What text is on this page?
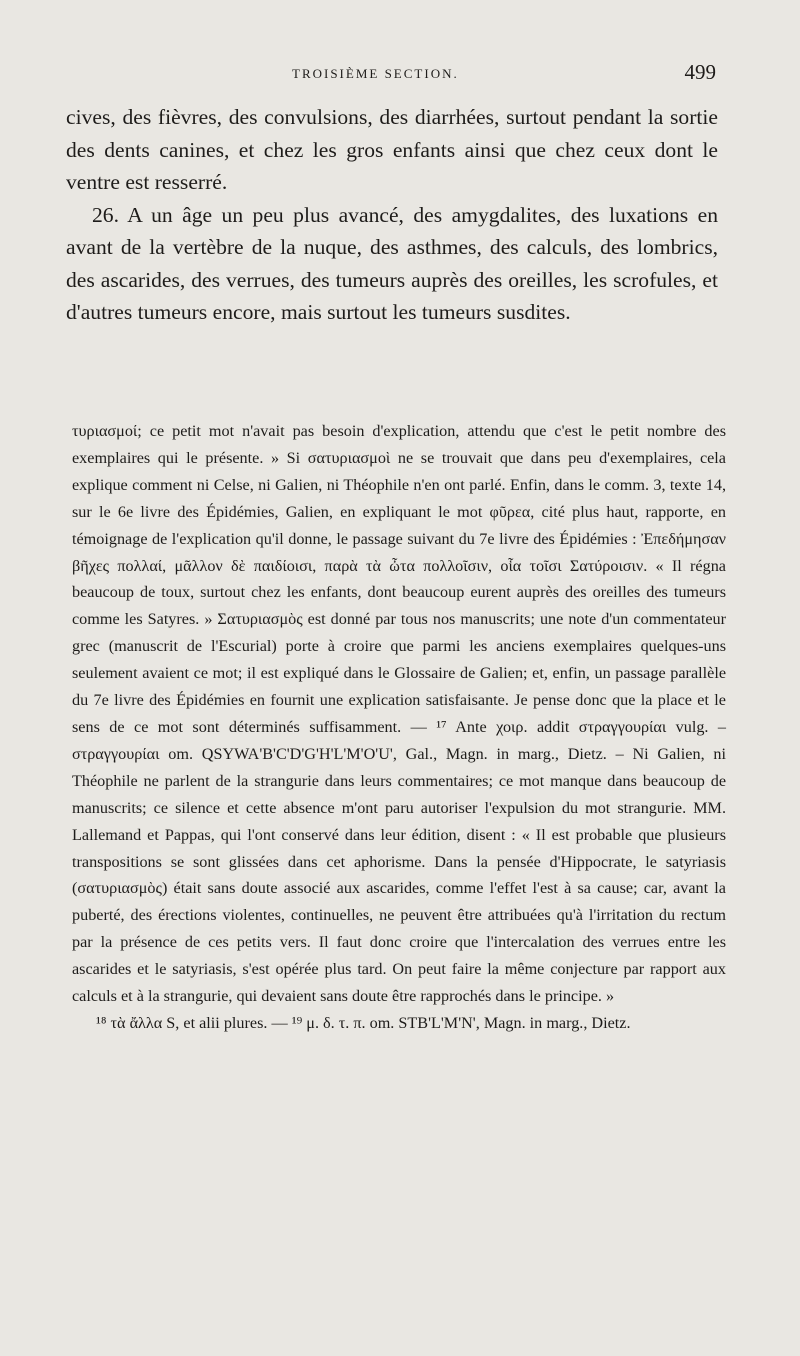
TROISIÈME SECTION.	499

cives, des fièvres, des convulsions, des diarrhées, surtout pendant la sortie des dents canines, et chez les gros enfants ainsi que chez ceux dont le ventre est resserré.

26. A un âge un peu plus avancé, des amygdalites, des luxations en avant de la vertèbre de la nuque, des asthmes, des calculs, des lombrics, des ascarides, des verrues, des tumeurs auprès des oreilles, les scrofules, et d'autres tumeurs encore, mais surtout les tumeurs susdites.

τυριασμοί; ce petit mot n'avait pas besoin d'explication, attendu que c'est le petit nombre des exemplaires qui le présente. » Si σατυριασμοὶ ne se trouvait que dans peu d'exemplaires, cela explique comment ni Celse, ni Galien, ni Théophile n'en ont parlé. Enfin, dans le comm. 3, texte 14, sur le 6e livre des Épidémies, Galien, en expliquant le mot φῦρεα, cité plus haut, rapporte, en témoignage de l'explication qu'il donne, le passage suivant du 7e livre des Épidémies : Ἐπεδήμησαν βῆχες πολλαί, μᾶλλον δὲ παιδίοισι, παρὰ τὰ ὦτα πολλοῖσιν, οἷα τοῖσι Σατύροισιν. « Il régna beaucoup de toux, surtout chez les enfants, dont beaucoup eurent auprès des oreilles des tumeurs comme les Satyres. » Σατυριασμὸς est donné par tous nos manuscrits; une note d'un commentateur grec (manuscrit de l'Escurial) porte à croire que parmi les anciens exemplaires quelques-uns seulement avaient ce mot; il est expliqué dans le Glossaire de Galien; et, enfin, un passage parallèle du 7e livre des Épidémies en fournit une explication satisfaisante. Je pense donc que la place et le sens de ce mot sont déterminés suffisamment. — ¹⁷ Ante χοιρ. addit στραγγουρίαι vulg. – στραγγουρίαι om. QSYWA'B'C'D'G'H'L'M'O'U', Gal., Magn. in marg., Dietz. – Ni Galien, ni Théophile ne parlent de la strangurie dans leurs commentaires; ce mot manque dans beaucoup de manuscrits; ce silence et cette absence m'ont paru autoriser l'expulsion du mot strangurie. MM. Lallemand et Pappas, qui l'ont conservé dans leur édition, disent : « Il est probable que plusieurs transpositions se sont glissées dans cet aphorisme. Dans la pensée d'Hippocrate, le satyriasis (σατυριασμὸς) était sans doute associé aux ascarides, comme l'effet l'est à sa cause; car, avant la puberté, des érections violentes, continuelles, ne peuvent être attribuées qu'à l'irritation du rectum par la présence de ces petits vers. Il faut donc croire que l'intercalation des verrues entre les ascarides et le satyriasis, s'est opérée plus tard. On peut faire la même conjecture par rapport aux calculs et à la strangurie, qui devaient sans doute être rapprochés dans le principe. »

¹⁸ τὰ ἄλλα S, et alii plures. — ¹⁹ μ. δ. τ. π. om. STB'L'M'N', Magn. in marg., Dietz.
